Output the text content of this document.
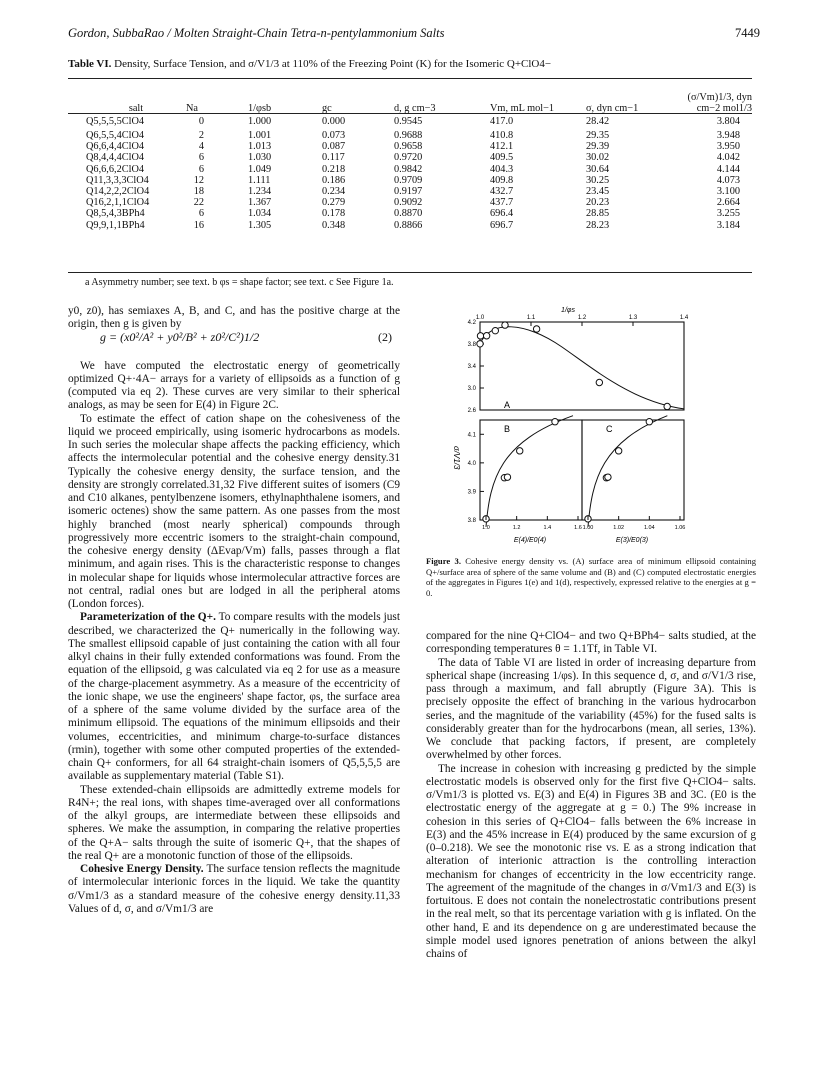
Gordon, SubbaRao / Molten Straight-Chain Tetra-n-pentylammonium Salts	7449
Table VI. Density, Surface Tension, and σ/V1/3 at 110% of the Freezing Point (K) for the Isomeric Q+ClO4−
salt	Na	1/φsb	gc	d, g cm−3	Vm, mL mol−1	σ, dyn cm−1	(σ/Vm)1/3, dyn cm−2 mol1/3
Q5,5,5,5ClO4	0	1.000	0.000	0.9545	417.0	28.42	3.804
Q6,5,5,4ClO4	2	1.001	0.073	0.9688	410.8	29.35	3.948
Q6,6,4,4ClO4	4	1.013	0.087	0.9658	412.1	29.39	3.950
Q8,4,4,4ClO4	6	1.030	0.117	0.9720	409.5	30.02	4.042
Q6,6,6,2ClO4	6	1.049	0.218	0.9842	404.3	30.64	4.144
Q11,3,3,3ClO4	12	1.111	0.186	0.9709	409.8	30.25	4.073
Q14,2,2,2ClO4	18	1.234	0.234	0.9197	432.7	23.45	3.100
Q16,2,1,1ClO4	22	1.367	0.279	0.9092	437.7	20.23	2.664
Q8,5,4,3BPh4	6	1.034	0.178	0.8870	696.4	28.85	3.255
Q9,9,1,1BPh4	16	1.305	0.348	0.8866	696.7	28.23	3.184
a Asymmetry number; see text. b φs = shape factor; see text. c See Figure 1a.

y0, z0), has semiaxes A, B, and C, and has the positive charge at the origin, then g is given by

We have computed the electrostatic energy of geometrically optimized Q+·4A− arrays for a variety of ellipsoids as a function of g (computed via eq 2). These curves are very similar to their spherical analogs, as may be seen for E(4) in Figure 2C.

To estimate the effect of cation shape on the cohesiveness of the liquid we proceed empirically, using isomeric hydrocarbons as models. In such series the molecular shape affects the packing efficiency, which affects the intermolecular potential and the cohesive energy density.31 Typically the cohesive energy density, the surface tension, and the density are strongly correlated.31,32 Five different suites of isomers (C9 and C10 alkanes, pentylbenzene isomers, ethylnaphthalene isomers, and isomeric octenes) show the same pattern. As one passes from the most highly branched (most nearly spherical) compounds through progressively more eccentric isomers to the straight-chain compound, the cohesive energy density (ΔEvap/Vm) falls, passes through a flat minimum, and again rises. This is the characteristic response to changes in molecular shape for liquids whose intermolecular attractive forces are not central, radial ones but are lodged in all the peripheral atoms (London forces).

Parameterization of the Q+. To compare results with the models just described, we characterized the Q+ numerically in the following way. The smallest ellipsoid capable of just containing the cation with all four alkyl chains in their fully extended conformations was found. From the equation of the ellipsoid, g was calculated via eq 2 for use as a measure of the charge-placement asymmetry. As a measure of the eccentricity of the ionic shape, we use the engineers' shape factor, φs, the surface area of a sphere of the same volume divided by the surface area of the minimum ellipsoid. The equations of the minimum ellipsoids and their volumes, eccentricities, and minimum charge-to-surface distances (rmin), together with some other computed properties of the extended-chain Q+ conformers, for all 64 straight-chain isomers of Q5,5,5,5 are available as supplementary material (Table S1).

These extended-chain ellipsoids are admittedly extreme models for R4N+; the real ions, with shapes time-averaged over all conformations of the alkyl groups, are intermediate between these ellipsoids and spheres. We make the assumption, in comparing the relative properties of the Q+A− salts through the suite of isomeric Q+, that the shapes of the real Q+ are a monotonic function of those of the ellipsoids.

Cohesive Energy Density. The surface tension reflects the magnitude of intermolecular interionic forces in the liquid. We take the quantity σ/Vm1/3 as a standard measure of the cohesive energy density.11,33 Values of d, σ, and σ/Vm1/3 are

g = (x0²/A² + y0²/B² + z0²/C²)1/2	(2)
1/φs
1.0	1.1	1.2	1.3	1.4
4.2
3.8
3.4
3.0
2.6
A
B	C
4.1
4.0
3.9
3.8
1.0	1.2	1.4	1.6 1.00	1.02	1.04	1.06
E(4)/E0(4)	E(3)/E0(3)
σ/V1/3
Figure 3. Cohesive energy density vs. (A) surface area of minimum ellipsoid containing Q+/surface area of sphere of the same volume and (B) and (C) computed electrostatic energies of the aggregates in Figures 1(e) and 1(d), respectively, expressed relative to the energies at g = 0.

compared for the nine Q+ClO4− and two Q+BPh4− salts studied, at the corresponding temperatures θ = 1.1Tf, in Table VI.

The data of Table VI are listed in order of increasing departure from spherical shape (increasing 1/φs). In this sequence d, σ, and σ/V1/3 rise, pass through a maximum, and fall abruptly (Figure 3A). This is precisely opposite the effect of branching in the various hydrocarbon series, and the magnitude of the variability (45%) for the fused salts is considerably greater than for the hydrocarbons (mean, all series, 13%). We conclude that packing factors, if present, are completely overwhelmed by other forces.

The increase in cohesion with increasing g predicted by the simple electrostatic models is observed only for the first five Q+ClO4− salts. σ/Vm1/3 is plotted vs. E(3) and E(4) in Figures 3B and 3C. (E0 is the electrostatic energy of the aggregate at g = 0.) The 9% increase in cohesion in this series of Q+ClO4− falls between the 6% increase in E(3) and the 45% increase in E(4) produced by the same excursion of g (0–0.218). We see the monotonic rise vs. E as a strong indication that alteration of interionic attraction is the controlling interaction mechanism for changes of eccentricity in the low eccentricity range. The agreement of the magnitude of the changes in σ/Vm1/3 and E(3) is fortuitous. E does not contain the nonelectrostatic contributions present in the real melt, so that its percentage variation with g is inflated. On the other hand, E and its dependence on g are underestimated because the simple model used ignores penetration of anions between the alkyl chains of
